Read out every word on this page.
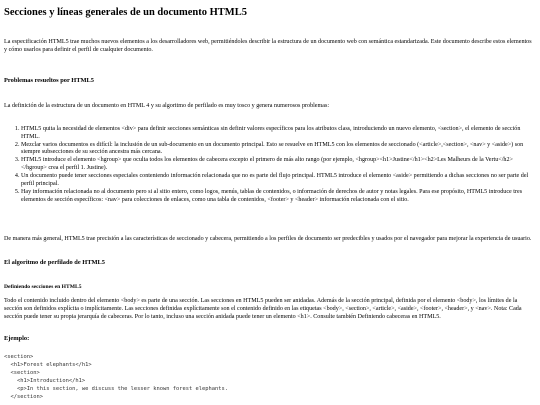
Secciones y líneas generales de un documento HTML5

La especificación HTML5 trae muchos nuevos elementos a los desarrolladores web, permitiéndoles describir la estructura de un documento web con semántica estandarizada. Este documento describe estos elementos y cómo usarlos para definir el perfil de cualquier documento.

Problemas resueltos por HTML5

La definición de la estructura de un documento en HTML 4 y su algoritmo de perfilado es muy tosco y genera numerosos problemas:

1. HTML5 quita la necesidad de elementos <div> para definir secciones semánticas sin definir valores específicos para los atributos class, introduciendo un nuevo elemento, <section>, el elemento de sección HTML.
2. Mezclar varios documentos es difícil: la inclusión de un sub-documento en un documento principal. Esto se resuelve en HTML5 con los elementos de seccionado (<article>,<section>, <nav> y <aside>) son siempre subsecciones de su sección ancestra más cercana.
3. HTML5 introduce el elemento <hgroup> que oculta todos los elementos de cabecera excepto el primero de más alto rango (por ejemplo, <hgroup><h1>Justine</h1><h2>Les Malheurs de la Vertu</h2></hgroup> crea el perfil 1. Justine).
4. Un documento puede tener secciones especiales conteniendo información relacionada que no es parte del flujo principal. HTML5 introduce el elemento <aside> permitiendo a dichas secciones no ser parte del perfil principal.
5. Hay información relacionada no al documento pero si al sitio entero, como logos, menús, tablas de contenidos, o información de derechos de autor y notas legales. Para ese propósito, HTML5 introduce tres elementos de sección específicos: <nav> para colecciones de enlaces, como una tabla de contenidos, <footer> y <header> información relacionada con el sitio.

De manera más general, HTML5 trae precisión a las características de seccionado y cabecera, permitiendo a los perfiles de documento ser predecibles y usados por el navegador para mejorar la experiencia de usuario.

El algoritmo de perfilado de HTML5
Definiendo secciones en HTML5

Todo el contenido incluido dentro del elemento <body> es parte de una sección. Las secciones en HTML5 pueden ser anidadas. Además de la sección principal, definida por el elemento <body>, los límites de la sección son definidos explícita o implícitamente. Las secciones definidas explícitamente son el contenido definido en las etiquetas <body>, <section>, <article>, <aside>, <footer>, <header>, y <nav>. Nota: Cada sección puede tener su propia jerarquía de cabeceras. Por lo tanto, incluso una sección anidada puede tener un elemento <h1>. Consulte también Definiendo cabeceras en HTML5.

Ejemplo:
<section>
<h1>Forest elephants</h1>
<section>
<h1>Introduction</h1>
<p>In this section, we discuss the lesser known forest elephants.
</section>
